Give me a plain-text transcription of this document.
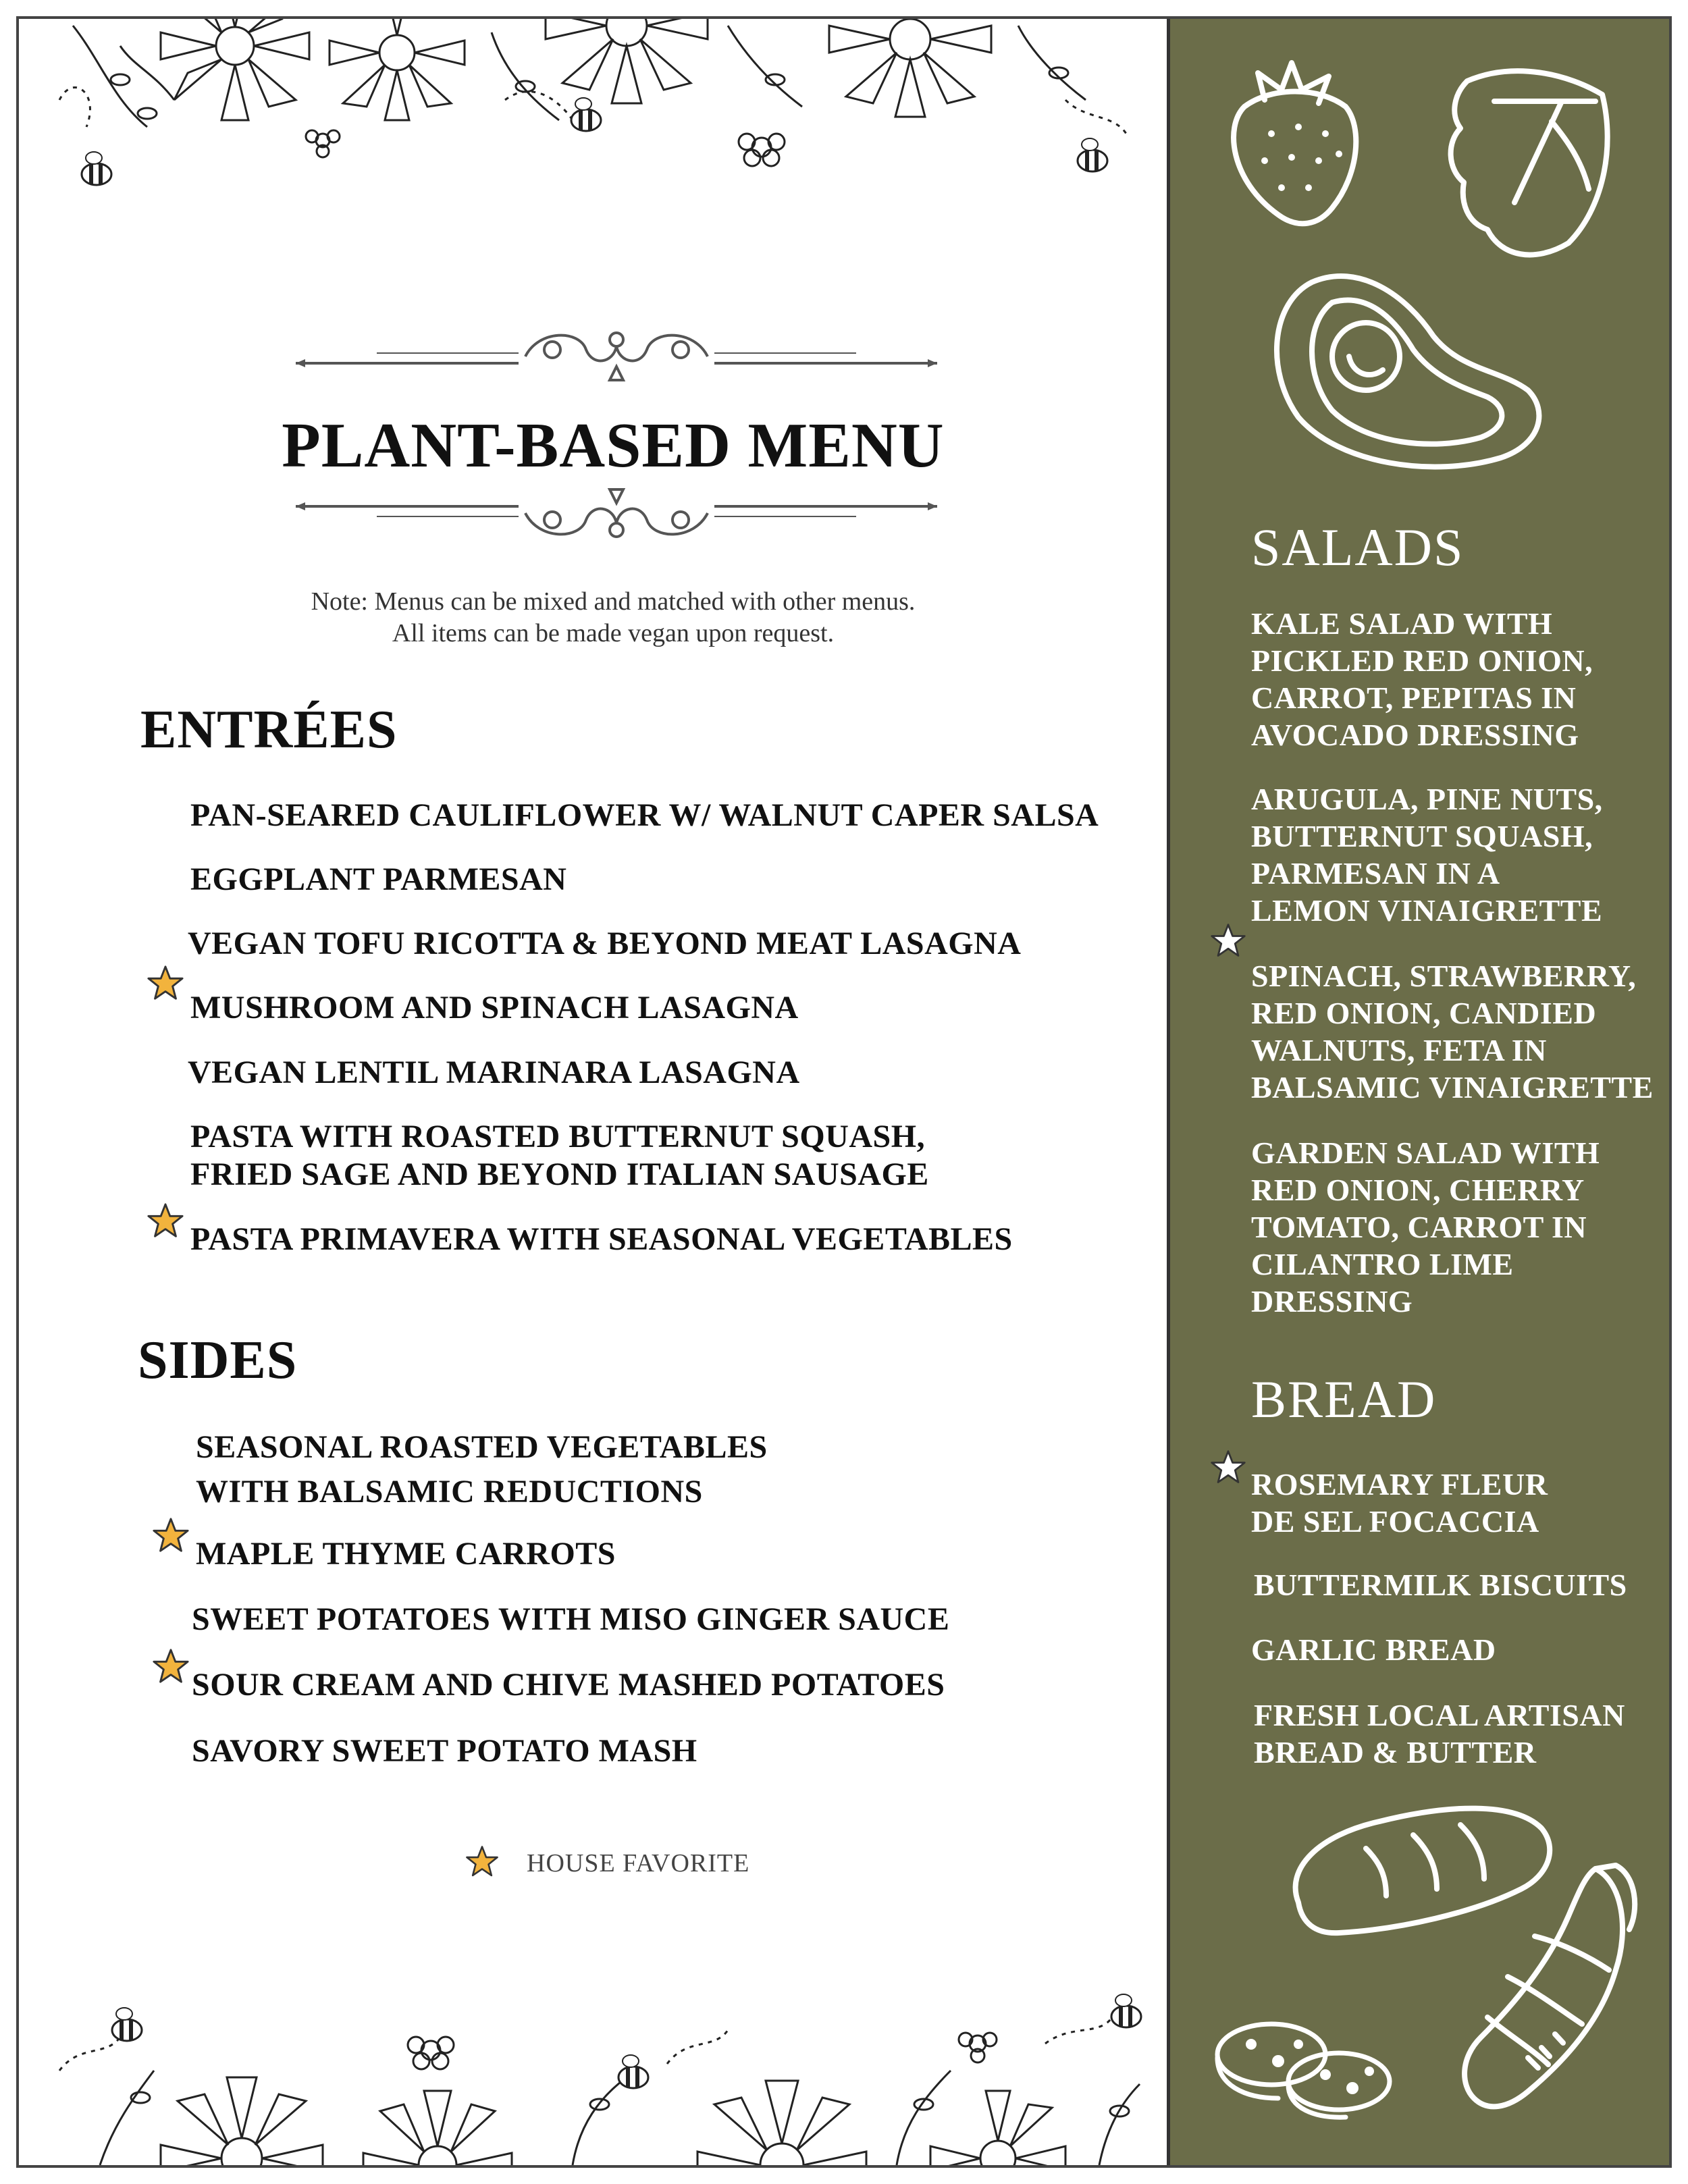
PLANT-BASED MENU
Note: Menus can be mixed and matched with other menus.
All items can be made vegan upon request.
ENTRÉES
PAN-SEARED CAULIFLOWER W/ WALNUT CAPER SALSA
EGGPLANT PARMESAN
VEGAN TOFU RICOTTA & BEYOND MEAT LASAGNA
MUSHROOM AND SPINACH LASAGNA
VEGAN LENTIL MARINARA LASAGNA
PASTA WITH ROASTED BUTTERNUT SQUASH,
FRIED SAGE AND BEYOND ITALIAN SAUSAGE
PASTA PRIMAVERA WITH SEASONAL VEGETABLES
SIDES
SEASONAL ROASTED VEGETABLES
WITH BALSAMIC REDUCTIONS
MAPLE THYME CARROTS
SWEET POTATOES WITH MISO GINGER SAUCE
SOUR CREAM AND CHIVE MASHED POTATOES
SAVORY SWEET POTATO MASH
HOUSE FAVORITE
SALADS
KALE SALAD WITH
PICKLED RED ONION,
CARROT, PEPITAS IN
AVOCADO DRESSING
ARUGULA, PINE NUTS,
BUTTERNUT SQUASH,
PARMESAN IN A
LEMON VINAIGRETTE
SPINACH, STRAWBERRY,
RED ONION, CANDIED
WALNUTS, FETA IN
BALSAMIC VINAIGRETTE
GARDEN SALAD WITH
RED ONION, CHERRY
TOMATO, CARROT IN
CILANTRO LIME
DRESSING
BREAD
ROSEMARY FLEUR
DE SEL FOCACCIA
BUTTERMILK BISCUITS
GARLIC BREAD
FRESH LOCAL ARTISAN
BREAD & BUTTER
